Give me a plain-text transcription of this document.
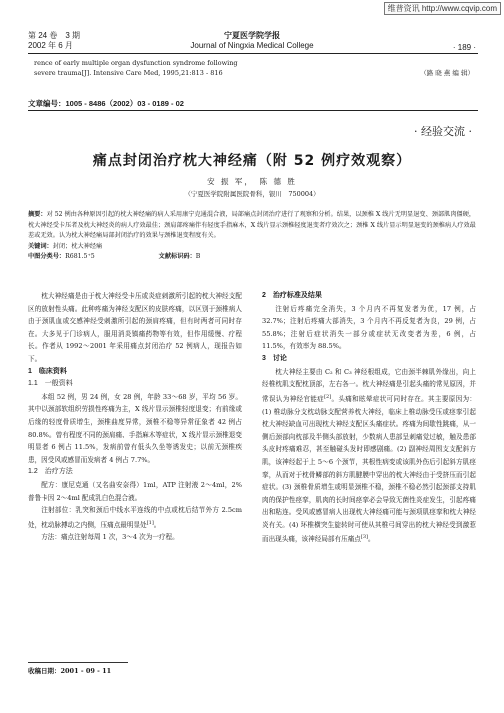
维普资讯 http://www.cqvip.com
第 24 卷　3 期
2002 年 6 月
宁夏医学院学报
Journal of Ningxia Medical College	· 189 ·
rence of early multiple organ dysfunction syndrome following
severe trauma[J]. Intensive Care Med, 1995,21:813 - 816	（路 晓 燕 编 辑）
文章编号：1005 - 8486（2002）03 - 0189 - 02
· 经验交流 ·
痛点封闭治疗枕大神经痛（附 52 例疗效观察）
安 振 军，　陈 德 胜
（宁夏医学院附属医院骨科，银川　750004）
摘要：对 52 例由各种原因引起的枕大神经痛的病人采用康宁克通混合液，局部痛点封闭治疗进行了观察和分析。结果，以颈椎 X 线片无明显退变、颈部肌肉僵硬，枕大神经受卡压者及枕大神经炎的病人疗效最佳；颈肩部疼痛伴有轻度手指麻木，X 线片显示颈椎轻度退变者疗效次之；颈椎 X 线片显示明显退变的颈椎病人疗效最差或无效。认为枕大神经痛局部封闭治疗的效果与颈椎退变程度有关。
关键词：封闭；枕大神经痛
中图分类号：R681.5⁺5	文献标识码：B

枕大神经痛是由于枕大神经受卡压或炎症刺激所引起的枕大神经支配区的放射性头痛。此种疼痛为神经支配区的皮肤疼痛，以区别于颈椎病人由于颈肌血或交感神经受刺激所引起的颈肩疼痛，但有时两者可同时存在。大多见于门诊病人，服用消炎镇痛药物等有效，但作用缓慢、疗程长。作者从 1992～2001 年采用痛点封闭治疗 52 例病人，现报告如下。

1　临床资料
1.1　一般资料

本组 52 例，男 24 例，女 28 例，年龄 33～68 岁，平均 56 岁。其中以颈部软组织劳损性疼痛为主，X 线片显示颈椎轻度退变；有前缘或后缘的轻度骨质增生，颈椎曲度异常，颈椎不稳等异常征象者 42 例占 80.8%。曾有程度不同的颈肩痛、手指麻木等症状，X 线片显示颈椎退变明显者 6 例占 11.5%，发病前曾有低头久坐等诱发史；以前无颈椎疾患，因受风或感冒而发病者 4 例占 7.7%。

1.2　治疗方法

配方：康尼克通（又名曲安奈得）1ml，ATP 注射液 2～4ml，2% 普鲁卡因 2～4ml 配成乳白色混合液。

注射部位：乳突和颈后中线水平连线的中点或枕后结节外方 2.5cm 处，枕动脉搏动之内侧，压痛点最明显处[1]。

方法：痛点注射每周 1 次，3～4 次为一疗程。

2　治疗标准及结果

注射后疼痛完全消失，3 个月内不再复发者为优，17 例，占 32.7%；注射后疼痛大部消失，3 个月内不再反复者为良，29 例，占 55.8%；注射后症状消失一部分或症状无改变者为差，6 例，占 11.5%，有效率为 88.5%。

3　讨论

枕大神经主要由 C₂ 和 C₃ 神经根组成，它由颈半棘肌外缘出，向上经椎枕肌支配枕顶部，左右各一。枕大神经痛是引起头痛的常见原因，并常误认为神经官能症[2]。头痛和眩晕症状可同时存在。其主要原因为：(1) 椎动脉分支枕动脉支配营养枕大神经，临床上椎动脉受压或痉挛引起枕大神经缺血可出现枕大神经支配区头痛症状。疼痛为间歇性跳痛，从一侧后颈部向枕部及半侧头部放射，少数病人患部呈刺痛觉过敏，触及患部头皮时疼痛难忍，甚至触碰头发时即感剧痛。(2) 副神经周围支支配斜方肌，该神经起于上 5～6 个颈节，其根性病变或该肌外伤后引起斜方肌痉挛，从而对于枕骨鳞部的斜方肌腱膜中穿出的枕大神经由于受挤压而引起症状。(3) 颈椎骨质增生或明显颈椎不稳，颈椎不稳必然引起颈部支持肌肉的保护性痉挛，肌肉的长时间痉挛必会导致无菌性炎症发生，引起疼痛出和粘连。受风或感冒病人出现枕大神经痛可能与颈项肌痉挛和枕大神经炎有关。(4) 环椎横突生旋转时可使从其椎弓间穿出的枕大神经受到激惹而出现头痛，该神经局部有压痛点[3]。

收稿日期：2001 - 09 - 11
